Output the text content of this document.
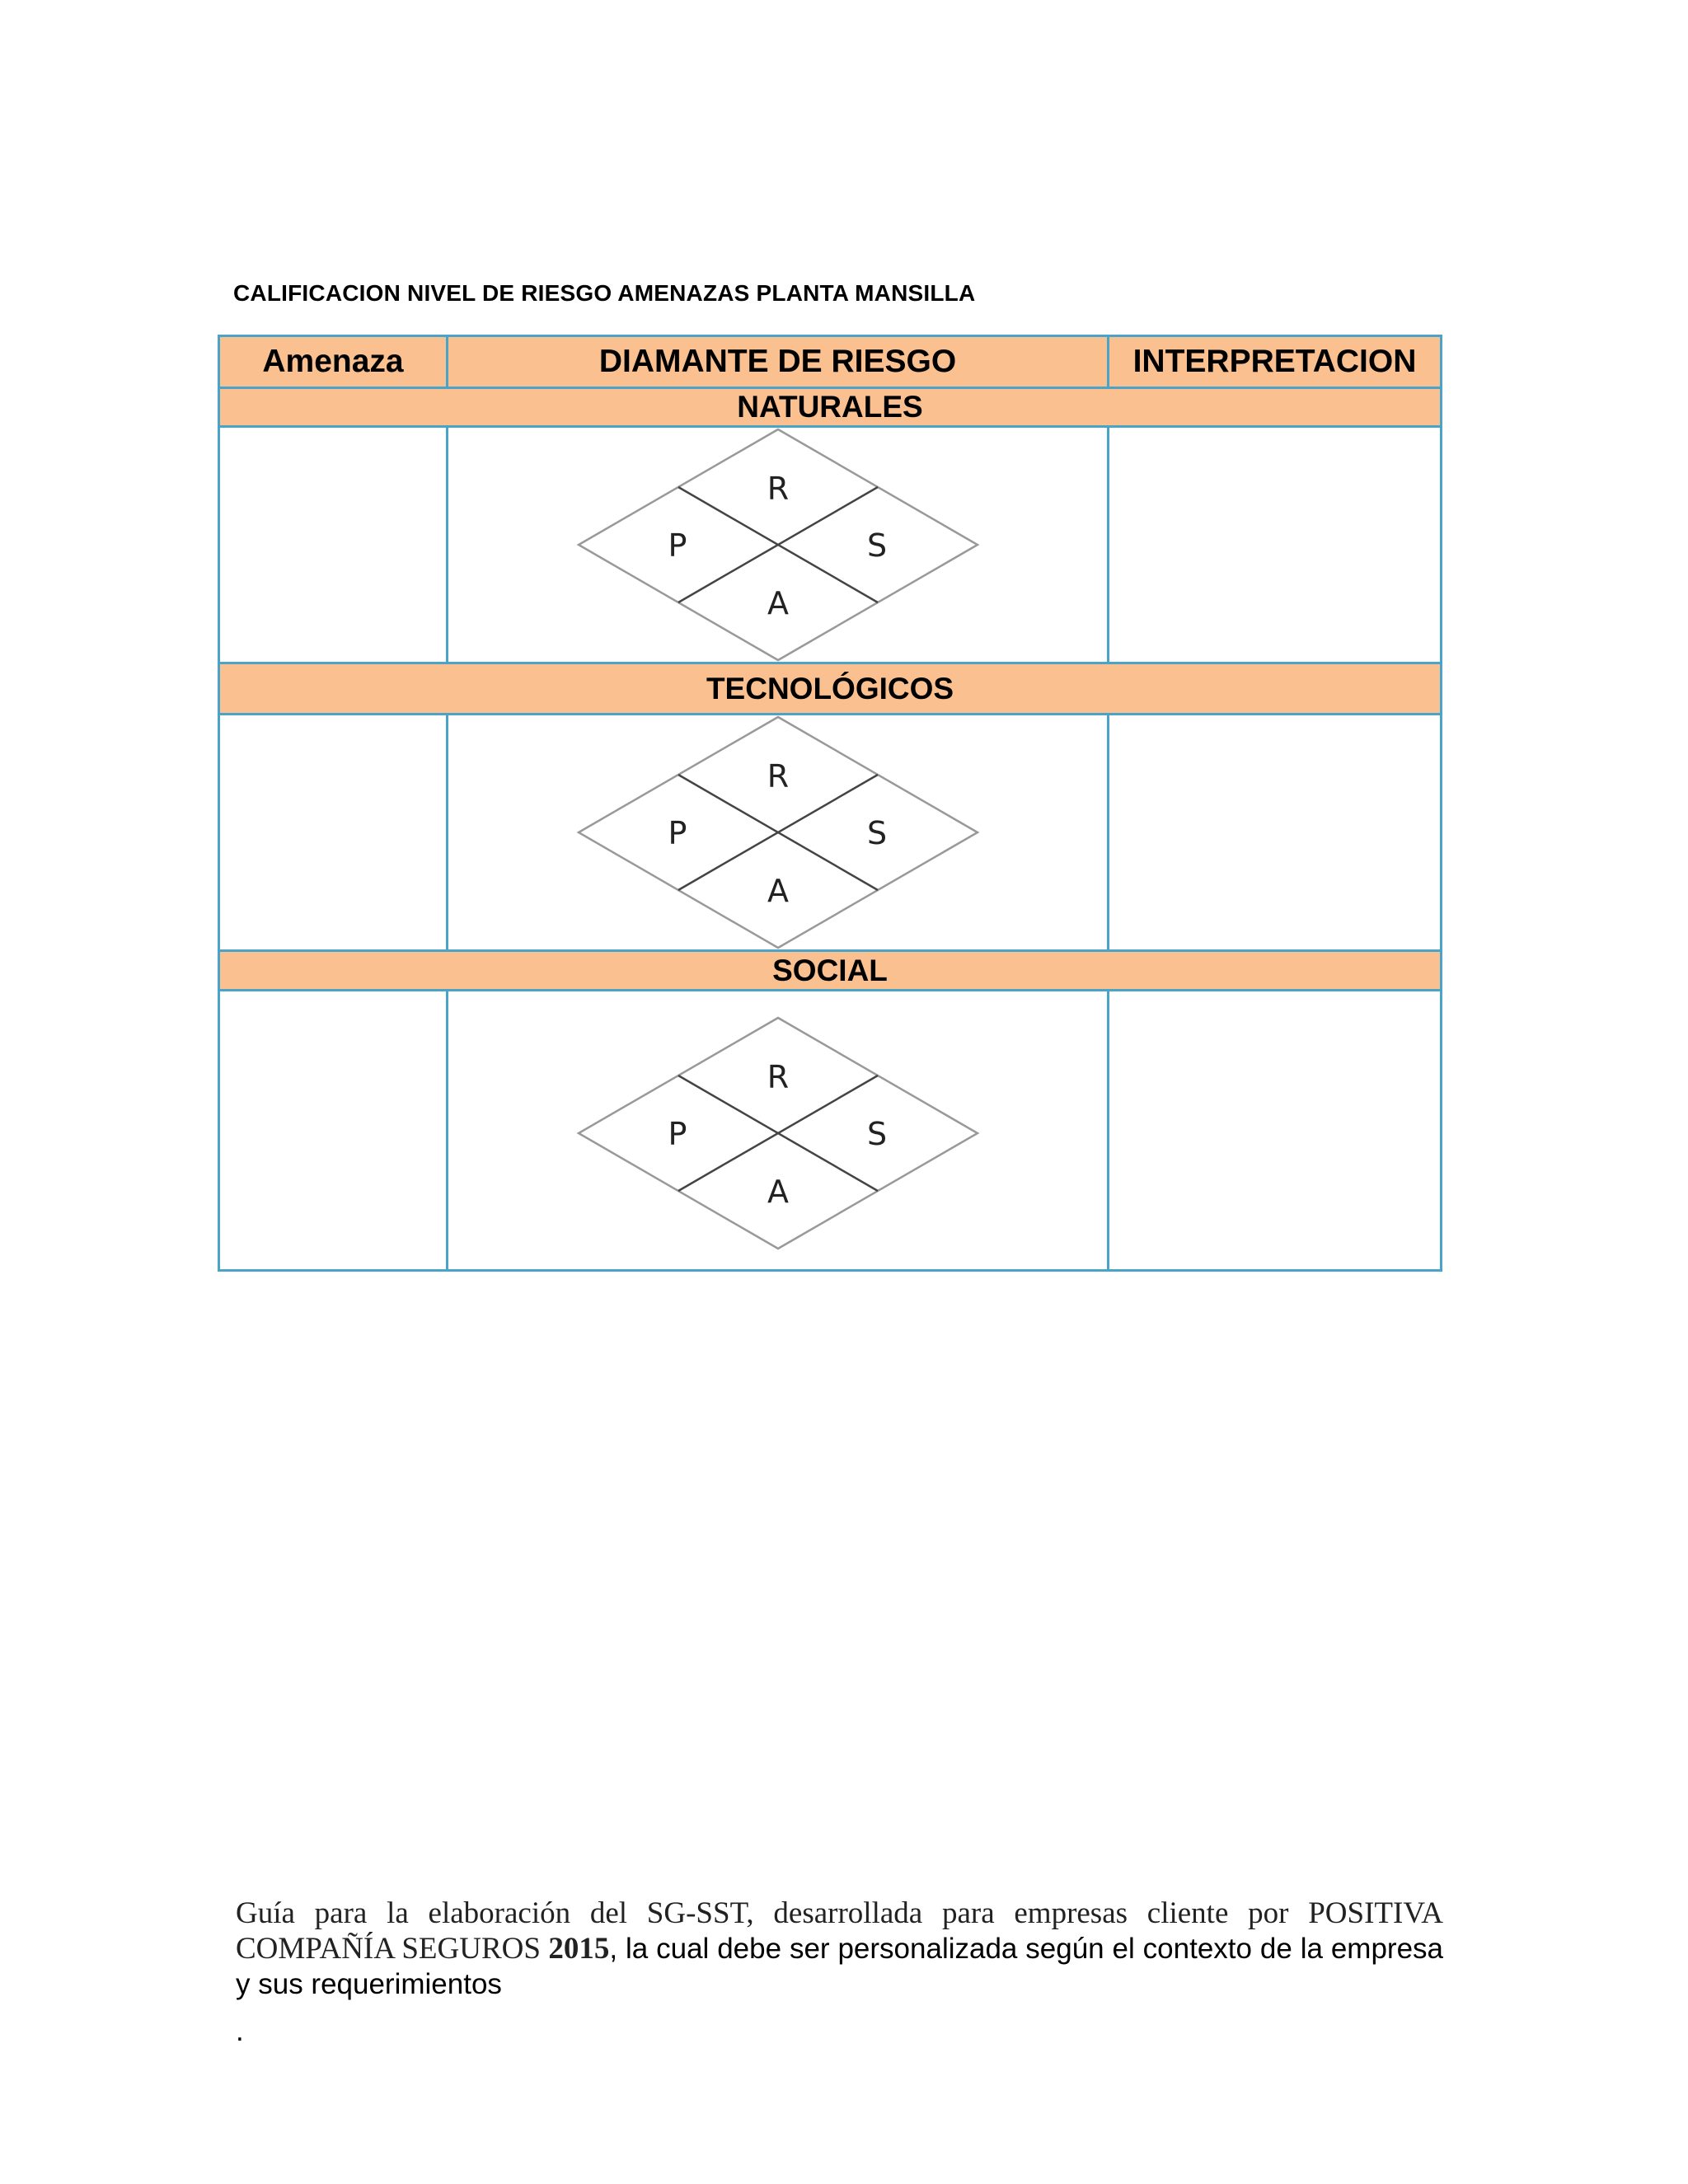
CALIFICACION NIVEL DE RIESGO AMENAZAS PLANTA MANSILLA
Amenaza	DIAMANTE DE RIESGO	INTERPRETACION
NATURALES		

R
P S
A	

TECNOLÓGICOS		

R
P S
A	

SOCIAL		

R
P S
A	

Guía para la elaboración del SG-SST, desarrollada para empresas cliente por POSITIVA COMPAÑÍA SEGUROS 2015, la cual debe ser personalizada según el contexto de la empresa y sus requerimientos
.
